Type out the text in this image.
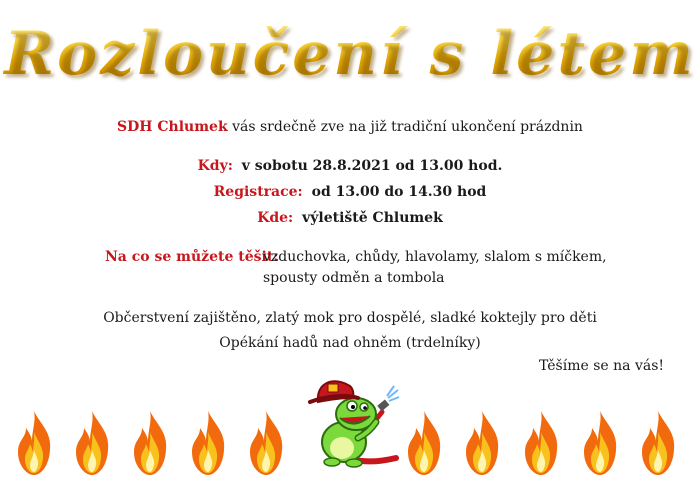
Rozloučení s létem
SDH Chlumek vás srdečně zve na již tradiční ukončení prázdnin
Kdy: v sobotu 28.8.2021 od 13.00 hod.
Registrace: od 13.00 do 14.30 hod
Kde: výletiště Chlumek
Na co se můžete těšit:
vzduchovka, chůdy, hlavolamy, slalom s míčkem,
spousty odměn a tombola
Občerstvení zajištěno, zlatý mok pro dospělé, sladké koktejly pro děti
Opékání hadů nad ohněm (trdelníky)
Těšíme se na vás!
